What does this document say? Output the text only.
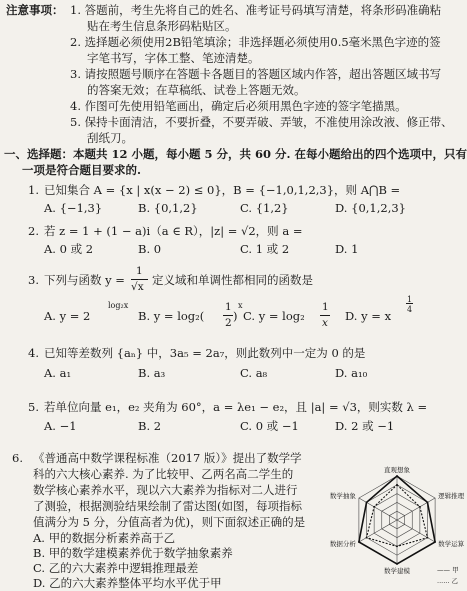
注意事项： 1. 答题前，考生先将自己的姓名、准考证号码填写清楚，将条形码准确粘
贴在考生信息条形码粘贴区。
2. 选择题必须使用2B铅笔填涂；非选择题必须使用0.5毫米黑色字迹的签
字笔书写，字体工整、笔迹清楚。
3. 请按照题号顺序在答题卡各题目的答题区域内作答，超出答题区域书写
的答案无效；在草稿纸、试卷上答题无效。
4. 作图可先使用铅笔画出，确定后必须用黑色字迹的签字笔描黑。
5. 保持卡面清洁，不要折叠，不要弄破、弄皱，不准使用涂改液、修正带、
刮纸刀。
一、选择题：本题共 12 小题，每小题 5 分，共 60 分. 在每小题给出的四个选项中，只有
一项是符合题目要求的.
1. 已知集合 A = {x | x(x − 2) ≤ 0}，B = {−1,0,1,2,3}，则 A⋂B =
A. {−1,3}	B. {0,1,2}	C. {1,2}	D. {0,1,2,3}
2. 若 z = 1 + (1 − a)i（a ∈ R），|z| = √2，则 a =
A. 0 或 2	B. 0	C. 1 或 2	D. 1
3. 下列与函数 y =
1
√x 定义域和单调性都相同的函数是
A. y = 2
log₂x
B. y = log₂(
1
2 )
x
C. y = log₂
1
x D. y = x
1
4
4. 已知等差数列 {aₙ} 中，3a₅ = 2a₇，则此数列中一定为 0 的是
A. a₁	B. a₃	C. a₈	D. a₁₀
5. 若单位向量 e₁，e₂ 夹角为 60°，a = λe₁ − e₂，且 |a| = √3，则实数 λ =
A. −1	B. 2	C. 0 或 −1	D. 2 或 −1
6. 《普通高中数学课程标准（2017 版）》提出了数学学
科的六大核心素养. 为了比较甲、乙两名高二学生的
数学核心素养水平，现以六大素养为指标对二人进行
了测验，根据测验结果绘制了雷达图(如图，每项指标
值满分为 5 分，分值高者为优)，则下面叙述正确的是
A. 甲的数据分析素养高于乙
B. 甲的数学建模素养优于数学抽象素养
C. 乙的六大素养中逻辑推理最差
D. 乙的六大素养整体平均水平优于甲
直观想象
逻辑推理
数学运算
数学建模
数据分析
数学抽象
—— 甲
...... 乙
